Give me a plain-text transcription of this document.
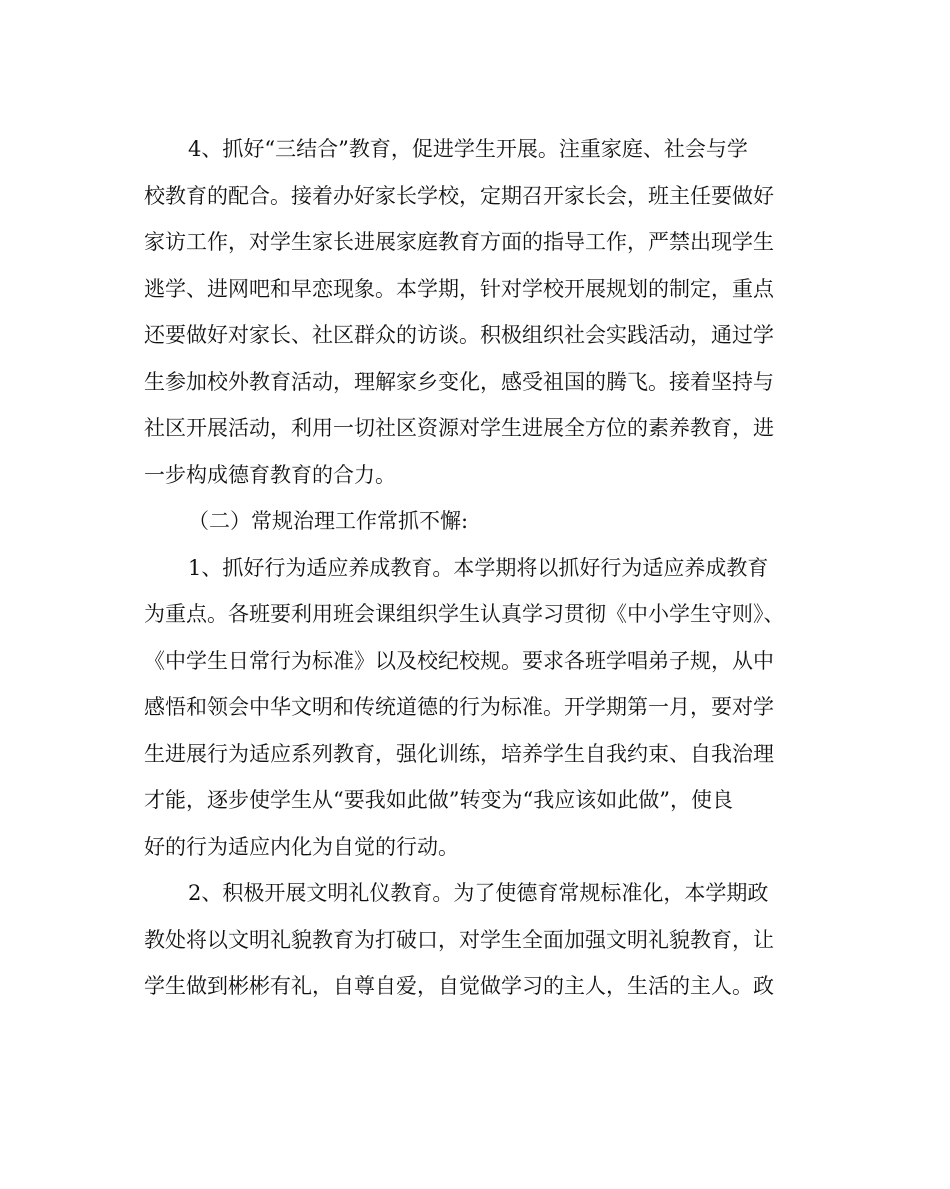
4、抓好“三结合”教育，促进学生开展。注重家庭、社会与学
校教育的配合。接着办好家长学校，定期召开家长会，班主任要做好
家访工作，对学生家长进展家庭教育方面的指导工作，严禁出现学生
逃学、进网吧和早恋现象。本学期，针对学校开展规划的制定，重点
还要做好对家长、社区群众的访谈。积极组织社会实践活动，通过学
生参加校外教育活动，理解家乡变化，感受祖国的腾飞。接着坚持与
社区开展活动，利用一切社区资源对学生进展全方位的素养教育，进
一步构成德育教育的合力。
（二）常规治理工作常抓不懈:
1、抓好行为适应养成教育。本学期将以抓好行为适应养成教育
为重点。各班要利用班会课组织学生认真学习贯彻《中小学生守则》、
《中学生日常行为标准》以及校纪校规。要求各班学唱弟子规，从中
感悟和领会中华文明和传统道德的行为标准。开学期第一月，要对学
生进展行为适应系列教育，强化训练，培养学生自我约束、自我治理
才能，逐步使学生从“要我如此做”转变为“我应该如此做”，使良
好的行为适应内化为自觉的行动。
2、积极开展文明礼仪教育。为了使德育常规标准化，本学期政
教处将以文明礼貌教育为打破口，对学生全面加强文明礼貌教育，让
学生做到彬彬有礼，自尊自爱，自觉做学习的主人，生活的主人。政
